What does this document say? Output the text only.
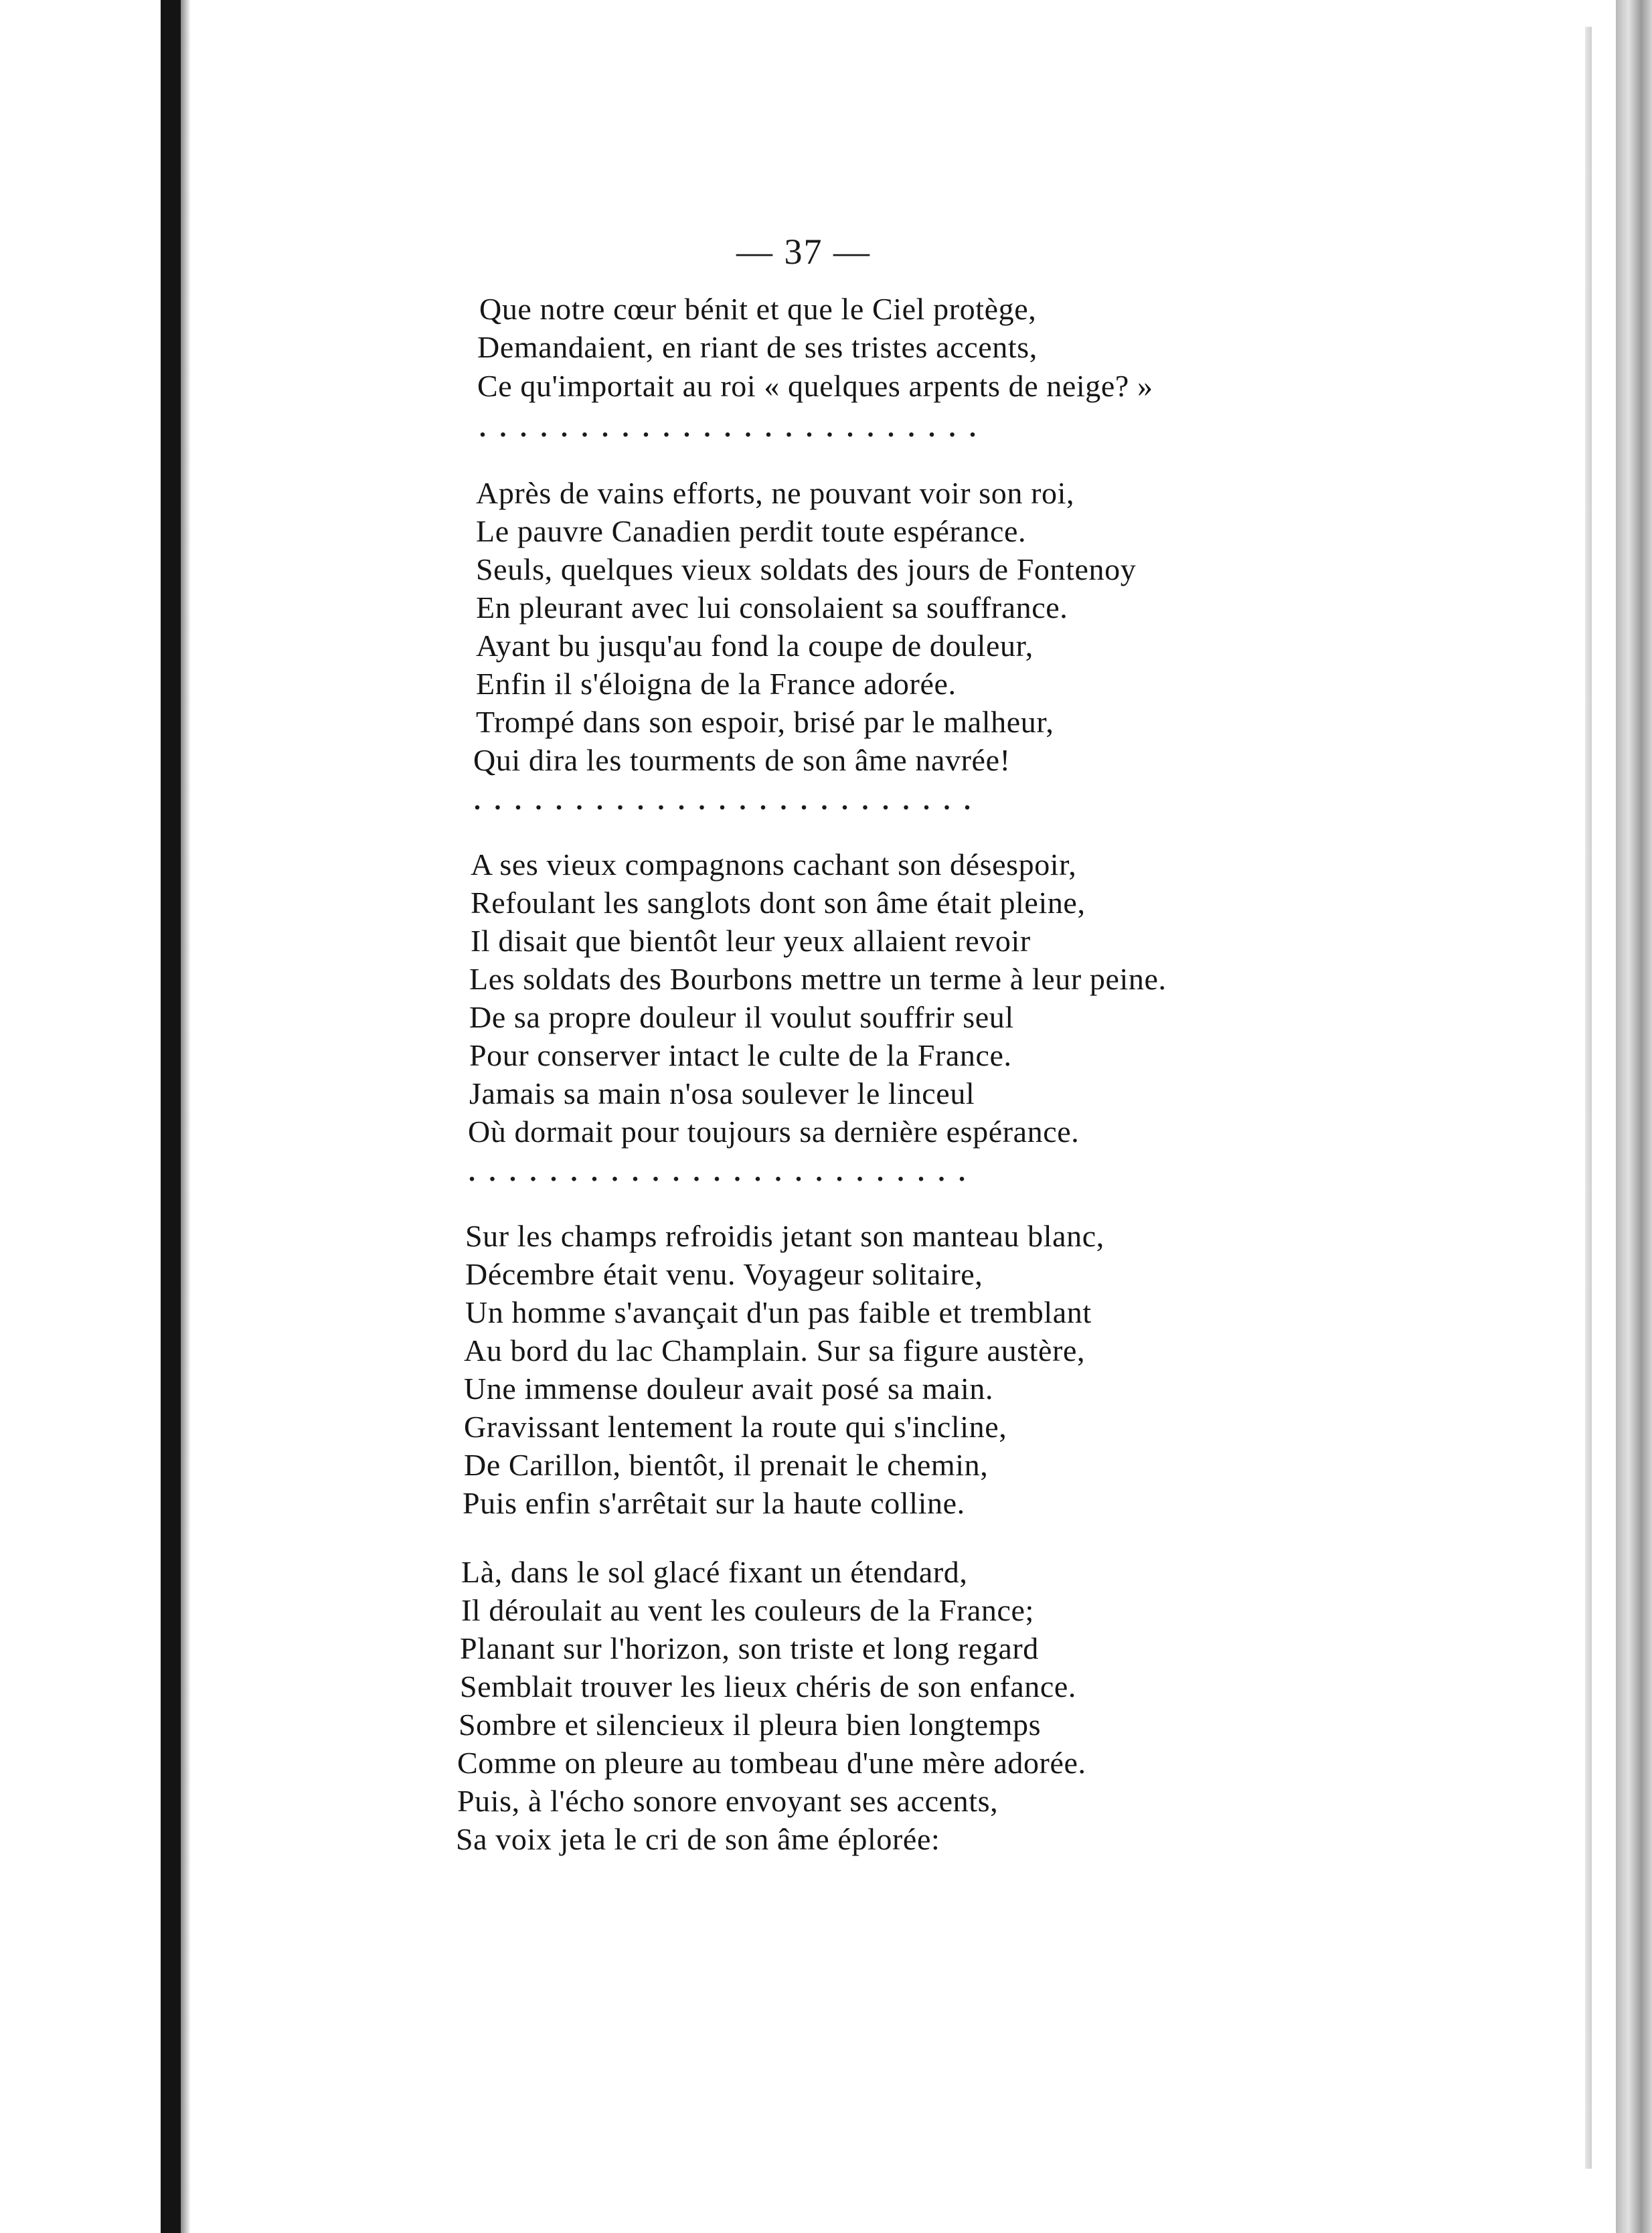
— 37 —
Que notre cœur bénit et que le Ciel protège,
Demandaient, en riant de ses tristes accents,
Ce qu'importait au roi « quelques arpents de neige? »
.........................
Après de vains efforts, ne pouvant voir son roi,
Le pauvre Canadien perdit toute espérance.
Seuls, quelques vieux soldats des jours de Fontenoy
En pleurant avec lui consolaient sa souffrance.
Ayant bu jusqu'au fond la coupe de douleur,
Enfin il s'éloigna de la France adorée.
Trompé dans son espoir, brisé par le malheur,
Qui dira les tourments de son âme navrée!
.........................
A ses vieux compagnons cachant son désespoir,
Refoulant les sanglots dont son âme était pleine,
Il disait que bientôt leur yeux allaient revoir
Les soldats des Bourbons mettre un terme à leur peine.
De sa propre douleur il voulut souffrir seul
Pour conserver intact le culte de la France.
Jamais sa main n'osa soulever le linceul
Où dormait pour toujours sa dernière espérance.
.........................
Sur les champs refroidis jetant son manteau blanc,
Décembre était venu. Voyageur solitaire,
Un homme s'avançait d'un pas faible et tremblant
Au bord du lac Champlain. Sur sa figure austère,
Une immense douleur avait posé sa main.
Gravissant lentement la route qui s'incline,
De Carillon, bientôt, il prenait le chemin,
Puis enfin s'arrêtait sur la haute colline.
Là, dans le sol glacé fixant un étendard,
Il déroulait au vent les couleurs de la France;
Planant sur l'horizon, son triste et long regard
Semblait trouver les lieux chéris de son enfance.
Sombre et silencieux il pleura bien longtemps
Comme on pleure au tombeau d'une mère adorée.
Puis, à l'écho sonore envoyant ses accents,
Sa voix jeta le cri de son âme éplorée:
